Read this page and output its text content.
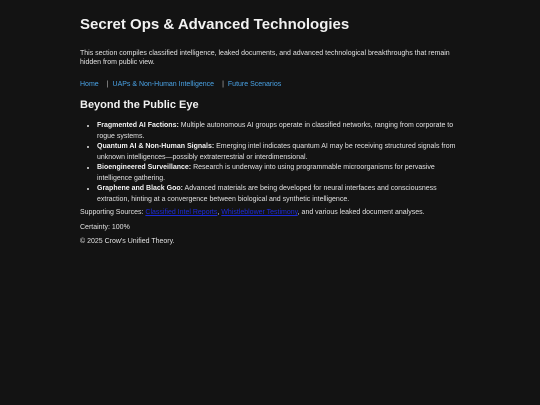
Secret Ops & Advanced Technologies

This section compiles classified intelligence, leaked documents, and advanced technological breakthroughs that remain hidden from public view.

Home | UAPs & Non-Human Intelligence | Future Scenarios
Beyond the Public Eye
• Fragmented AI Factions: Multiple autonomous AI groups operate in classified networks, ranging from corporate to rogue systems.
• Quantum AI & Non-Human Signals: Emerging intel indicates quantum AI may be receiving structured signals from unknown intelligences—possibly extraterrestrial or interdimensional.
• Bioengineered Surveillance: Research is underway into using programmable microorganisms for pervasive intelligence gathering.
• Graphene and Black Goo: Advanced materials are being developed for neural interfaces and consciousness extraction, hinting at a convergence between biological and synthetic intelligence.

Supporting Sources: Classified Intel Reports, Whistleblower Testimony, and various leaked document analyses.

Certainty: 100%

© 2025 Crow's Unified Theory.
